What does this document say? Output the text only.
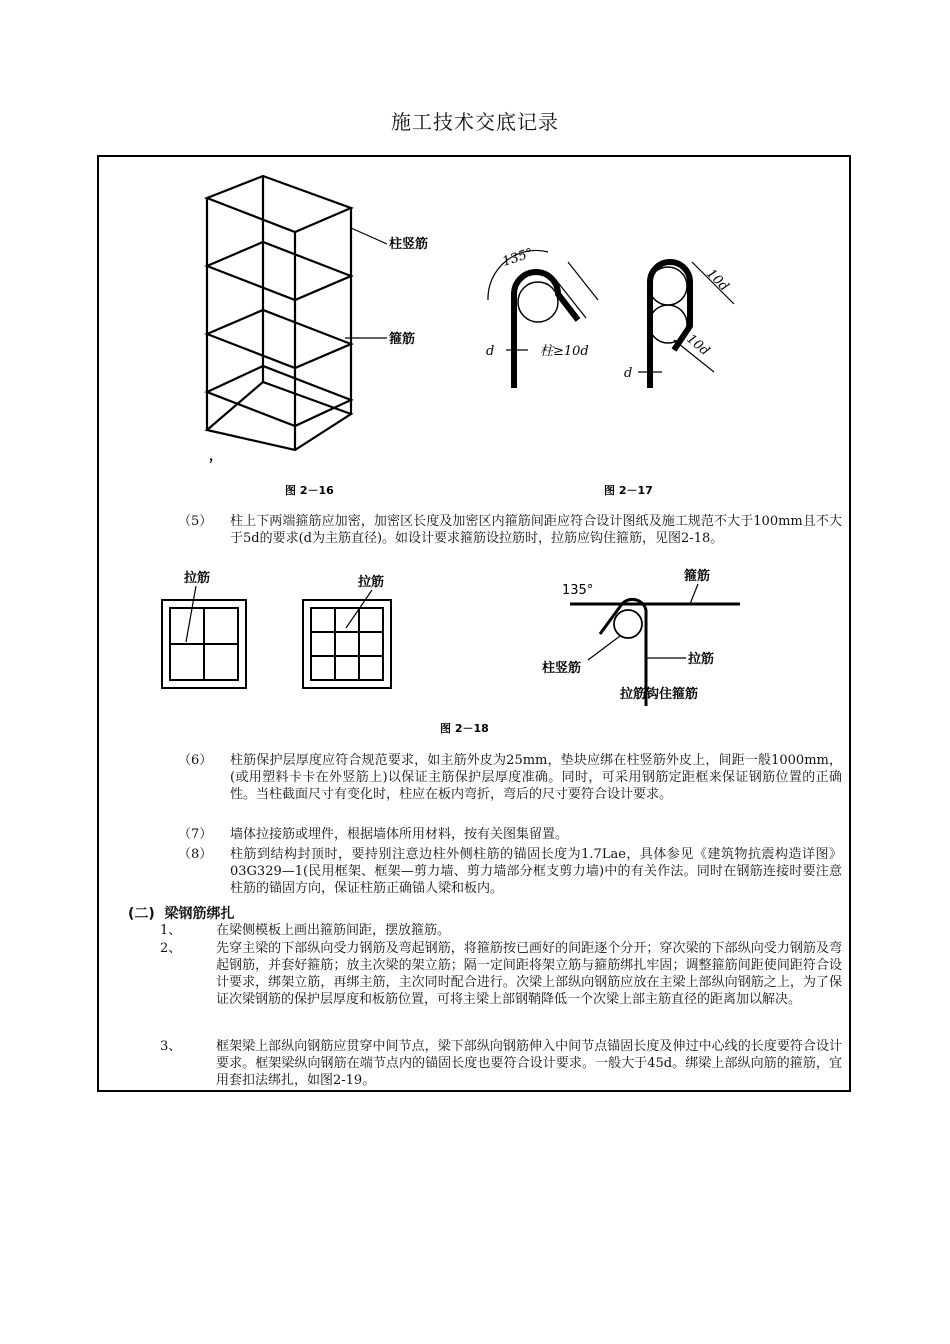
施工技术交底记录
柱竖筋
箍筋
，
图 2－16
135°
d	柱≥10d
10d
10d
d
图 2－17
（5） 柱上下两端箍筋应加密，加密区长度及加密区内箍筋间距应符合设计图纸及施工规范不大于100mm且不大于5d的要求(d为主筋直径)。如设计要求箍筋设拉筋时，拉筋应钩住箍筋，见图2-18。
拉筋	拉筋
135°
箍筋
柱竖筋
拉筋
拉筋钩住箍筋
图 2－18
（6） 柱筋保护层厚度应符合规范要求，如主筋外皮为25mm，垫块应绑在柱竖筋外皮上，间距一般1000mm，(或用塑料卡卡在外竖筋上)以保证主筋保护层厚度准确。同时，可采用钢筋定距框来保证钢筋位置的正确性。当柱截面尺寸有变化时，柱应在板内弯折，弯后的尺寸要符合设计要求。
（7） 墙体拉接筋或埋件，根据墙体所用材料，按有关图集留置。
（8） 柱筋到结构封顶时，要持别注意边柱外侧柱筋的锚固长度为1.7Lae，具体参见《建筑物抗震构造详图》03G329—1(民用框架、框架—剪力墙、剪力墙部分框支剪力墙)中的有关作法。同时在钢筋连接时要注意柱筋的锚固方向，保证柱筋正确锚人梁和板内。
(二)  梁钢筋绑扎
1、	在梁侧模板上画出箍筋间距，摆放箍筋。
2、	先穿主梁的下部纵向受力钢筋及弯起钢筋，将箍筋按已画好的间距逐个分开；穿次梁的下部纵向受力钢筋及弯起钢筋，并套好箍筋；放主次梁的架立筋；隔一定间距将架立筋与箍筋绑扎牢固；调整箍筋间距使间距符合设计要求，绑架立筋，再绑主筋，主次同时配合进行。次梁上部纵向钢筋应放在主梁上部纵向钢筋之上，为了保证次梁钢筋的保护层厚度和板筋位置，可将主梁上部钢鞘降低一个次梁上部主筋直径的距离加以解决。
3、	框架梁上部纵向钢筋应贯穿中间节点，梁下部纵向钢筋伸入中间节点锚固长度及伸过中心线的长度要符合设计要求。框架梁纵向钢筋在端节点内的锚固长度也要符合设计要求。一般大于45d。绑梁上部纵向筋的箍筋，宜用套扣法绑扎，如图2-19。
